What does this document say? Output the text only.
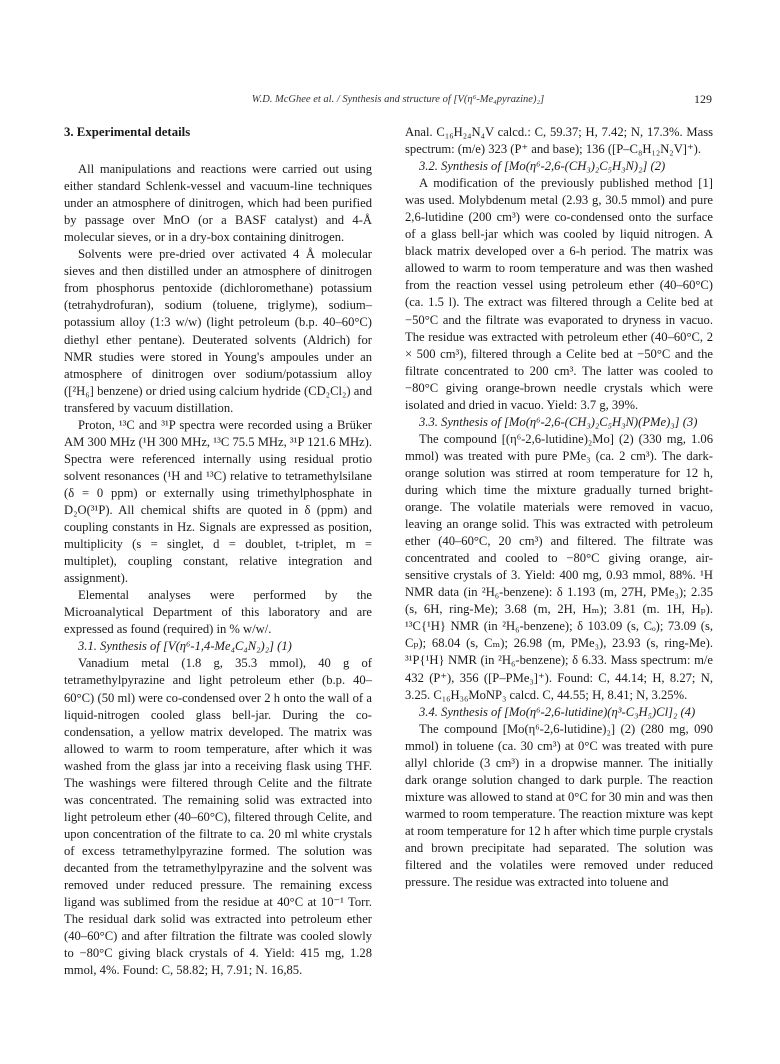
W.D. McGhee et al. / Synthesis and structure of [V(η⁶-Me₄pyrazine)₂]	129
3. Experimental details

All manipulations and reactions were carried out using either standard Schlenk-vessel and vacuum-line techniques under an atmosphere of dinitrogen, which had been purified by passage over MnO (or a BASF catalyst) and 4-Å molecular sieves, or in a dry-box containing dinitrogen.

Solvents were pre-dried over activated 4 Å molecular sieves and then distilled under an atmosphere of dinitrogen from phosphorus pentoxide (dichloromethane) potassium (tetrahydrofuran), sodium (toluene, triglyme), sodium–potassium alloy (1:3 w/w) (light petroleum (b.p. 40–60°C) diethyl ether pentane). Deuterated solvents (Aldrich) for NMR studies were stored in Young's ampoules under an atmosphere of dinitrogen over sodium/potassium alloy ([²H₆] benzene) or dried using calcium hydride (CD₂Cl₂) and transfered by vacuum distillation.

Proton, ¹³C and ³¹P spectra were recorded using a Brüker AM 300 MHz (¹H 300 MHz, ¹³C 75.5 MHz, ³¹P 121.6 MHz). Spectra were referenced internally using residual protio solvent resonances (¹H and ¹³C) relative to tetramethylsilane (δ = 0 ppm) or externally using trimethylphosphate in D₂O(³¹P). All chemical shifts are quoted in δ (ppm) and coupling constants in Hz. Signals are expressed as position, multiplicity (s = singlet, d = doublet, t-triplet, m = multiplet), coupling constant, relative integration and assignment).

Elemental analyses were performed by the Microanalytical Department of this laboratory and are expressed as found (required) in % w/w/.

3.1. Synthesis of [V(η⁶-1,4-Me₄C₄N₂)₂] (1)

Vanadium metal (1.8 g, 35.3 mmol), 40 g of tetramethylpyrazine and light petroleum ether (b.p. 40–60°C) (50 ml) were co-condensed over 2 h onto the wall of a liquid-nitrogen cooled glass bell-jar. During the co-condensation, a yellow matrix developed. The matrix was allowed to warm to room temperature, after which it was washed from the glass jar into a receiving flask using THF. The washings were filtered through Celite and the filtrate was concentrated. The remaining solid was extracted into light petroleum ether (40–60°C), filtered through Celite, and upon concentration of the filtrate to ca. 20 ml white crystals of excess tetramethylpyrazine formed. The solution was decanted from the tetramethylpyrazine and the solvent was removed under reduced pressure. The remaining excess ligand was sublimed from the residue at 40°C at 10⁻¹ Torr. The residual dark solid was extracted into petroleum ether (40–60°C) and after filtration the filtrate was cooled slowly to −80°C giving black crystals of 4. Yield: 415 mg, 1.28 mmol, 4%. Found: C, 58.82; H, 7.91; N. 16,85.

Anal. C₁₆H₂₄N₄V calcd.: C, 59.37; H, 7.42; N, 17.3%. Mass spectrum: (m/e) 323 (P⁺ and base); 136 ([P–C₈H₁₂N₂V]⁺).

3.2. Synthesis of [Mo(η⁶-2,6-(CH₃)₂C₅H₃N)₂] (2)

A modification of the previously published method [1] was used. Molybdenum metal (2.93 g, 30.5 mmol) and pure 2,6-lutidine (200 cm³) were co-condensed onto the surface of a glass bell-jar which was cooled by liquid nitrogen. A black matrix developed over a 6-h period. The matrix was allowed to warm to room temperature and was then washed from the reaction vessel using petroleum ether (40–60°C) (ca. 1.5 l). The extract was filtered through a Celite bed at −50°C and the filtrate was evaporated to dryness in vacuo. The residue was extracted with petroleum ether (40–60°C, 2 × 500 cm³), filtered through a Celite bed at −50°C and the filtrate concentrated to 200 cm³. The latter was cooled to −80°C giving orange-brown needle crystals which were isolated and dried in vacuo. Yield: 3.7 g, 39%.

3.3. Synthesis of [Mo(η⁶-2,6-(CH₃)₂C₅H₃N)(PMe)₃] (3)

The compound [(η⁶-2,6-lutidine)₂Mo] (2) (330 mg, 1.06 mmol) was treated with pure PMe₃ (ca. 2 cm³). The dark-orange solution was stirred at room temperature for 12 h, during which time the mixture gradually turned bright-orange. The volatile materials were removed in vacuo, leaving an orange solid. This was extracted with petroleum ether (40–60°C, 20 cm³) and filtered. The filtrate was concentrated and cooled to −80°C giving orange, air-sensitive crystals of 3. Yield: 400 mg, 0.93 mmol, 88%. ¹H NMR data (in ²H₆-benzene): δ 1.193 (m, 27H, PMe₃); 2.35 (s, 6H, ring-Me); 3.68 (m, 2H, Hₘ); 3.81 (m. 1H, Hₚ). ¹³C{¹H} NMR (in ²H₆-benzene); δ 103.09 (s, Cₒ); 73.09 (s, Cₚ); 68.04 (s, Cₘ); 26.98 (m, PMe₃), 23.93 (s, ring-Me). ³¹P{¹H} NMR (in ²H₆-benzene); δ 6.33. Mass spectrum: m/e 432 (P⁺), 356 ([P–PMe₃]⁺). Found: C, 44.14; H, 8.27; N, 3.25. C₁₆H₃₆MoNP₃ calcd. C, 44.55; H, 8.41; N, 3.25%.

3.4. Synthesis of [Mo(η⁶-2,6-lutidine)(η³-C₃H₅)Cl]₂ (4)

The compound [Mo(η⁶-2,6-lutidine)₂] (2) (280 mg, 090 mmol) in toluene (ca. 30 cm³) at 0°C was treated with pure allyl chloride (3 cm³) in a dropwise manner. The initially dark orange solution changed to dark purple. The reaction mixture was allowed to stand at 0°C for 30 min and was then warmed to room temperature. The reaction mixture was kept at room temperature for 12 h after which time purple crystals and brown precipitate had separated. The solution was filtered and the volatiles were removed under reduced pressure. The residue was extracted into toluene and
